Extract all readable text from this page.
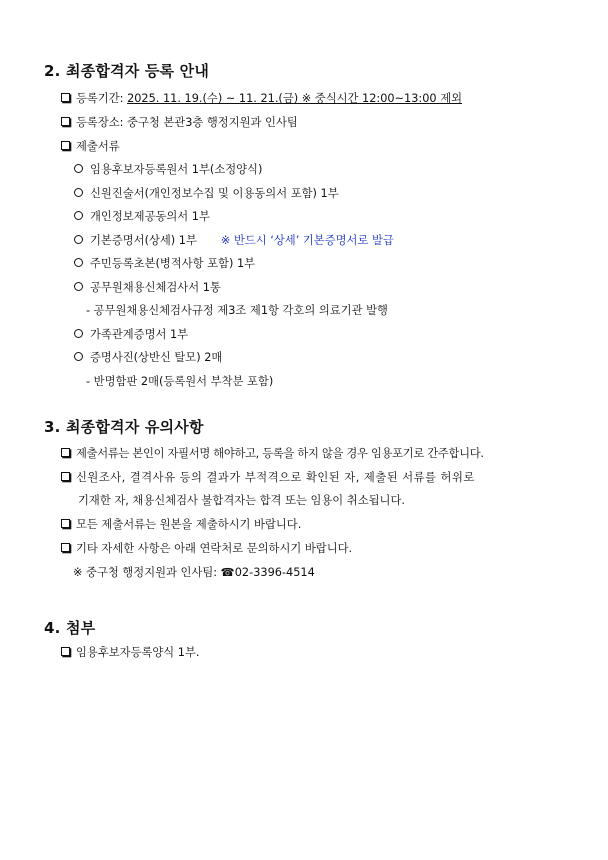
2. 최종합격자 등록 안내
등록기간: 2025. 11. 19.(수) ~ 11. 21.(금) ※ 중식시간 12:00~13:00 제외
등록장소: 중구청 본관3층 행정지원과 인사팀
제출서류
임용후보자등록원서 1부(소정양식)
신원진술서(개인정보수집 및 이용동의서 포함) 1부
개인정보제공동의서 1부
기본증명서(상세) 1부 ※ 반드시 ‘상세’ 기본증명서로 발급
주민등록초본(병적사항 포함) 1부
공무원채용신체검사서 1통
- 공무원채용신체검사규정 제3조 제1항 각호의 의료기관 발행
가족관계증명서 1부
증명사진(상반신 탈모) 2매
- 반명함판 2매(등록원서 부착분 포함)
3. 최종합격자 유의사항
제출서류는 본인이 자필서명 해야하고, 등록을 하지 않을 경우 임용포기로 간주합니다.
신원조사, 결격사유 등의 결과가 부적격으로 확인된 자, 제출된 서류를 허위로
기재한 자, 채용신체검사 불합격자는 합격 또는 임용이 취소됩니다.
모든 제출서류는 원본을 제출하시기 바랍니다.
기타 자세한 사항은 아래 연락처로 문의하시기 바랍니다.
※ 중구청 행정지원과 인사팀: ☎02-3396-4514
4. 첨부
임용후보자등록양식 1부.
